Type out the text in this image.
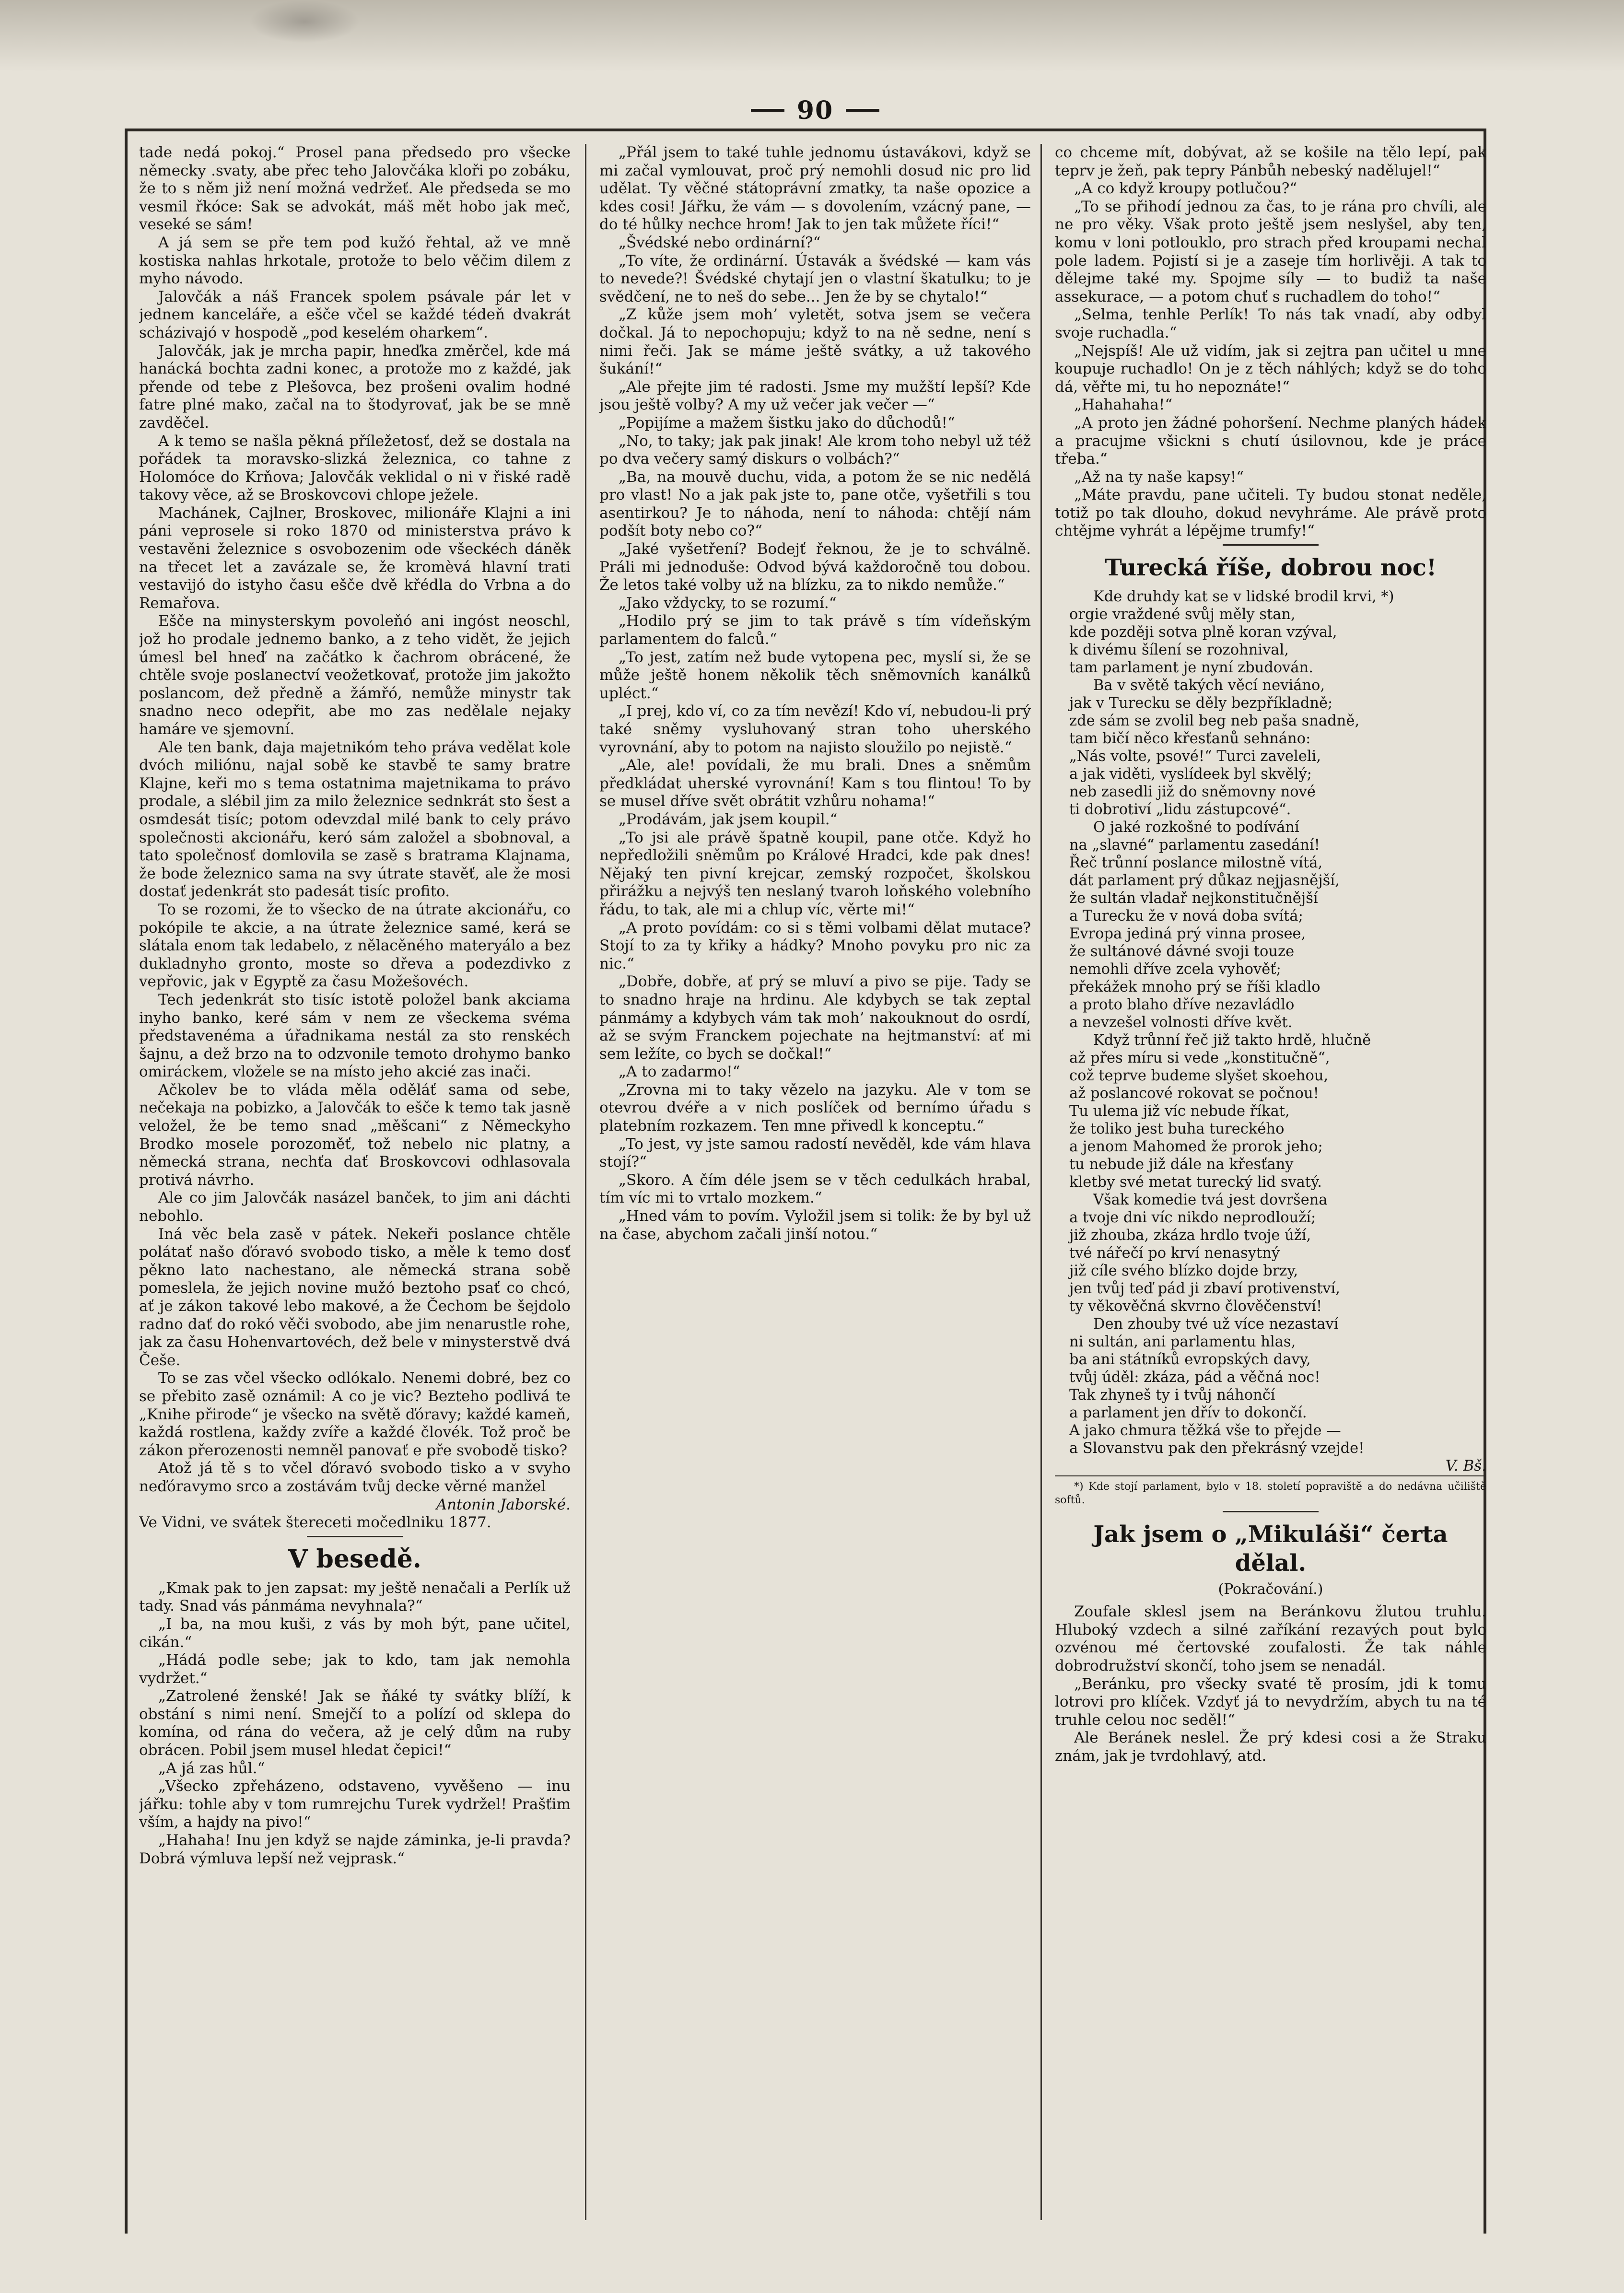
90

tade nedá pokoj.“ Prosel pana předsedo pro všecke německy .svaty, abe přec teho Jalovčáka kloři po zobáku, že to s něm již není možná vedržeť. Ale předseda se mo vesmil řkóce: Sak se advokát, máš mět hobo jak meč, veseké se sám!

A já sem se pře tem pod kužó řehtal, až ve mně kostiska nahlas hrkotale, protože to belo věčim dilem z myho návodo.

Jalovčák a náš Francek spolem psávale pár let v jednem kanceláře, a ešče včel se každé tédeň dvakrát scházivajó v hospodě „pod keselém oharkem“.

Jalovčák, jak je mrcha papir, hneďka změrčel, kde má hanácká bochta zadni konec, a protože mo z každé, jak přende od tebe z Plešovca, bez prošeni ovalim hodné fatre plné mako, začal na to štodyrovať, jak be se mně zavděčel.

A k temo se našla pěkná příležetosť, dež se dostala na pořádek ta moravsko-slizká železnica, co tahne z Holomóce do Krňova; Jalovčák veklidal o ni v řiské radě takovy věce, až se Broskovcovi chlope ježele.

Machánek, Cajlner, Broskovec, milionáře Klajni a ini páni veprosele si roko 1870 od ministerstva právo k vestavěni železnice s osvobozenim ode všeckéch dáněk na třecet let a zavázale se, že kromèvá hlavní trati vestavijó do istyho času ešče dvě křédla do Vrbna a do Remařova.

Ešče na minysterskym povoleňó ani ingóst neoschl, jož ho prodale jednemo banko, a z teho vidět, že jejich úmesl bel hneď na začátko k čachrom obrácené, že chtěle svoje poslanectví veožetkovať, protože jim jakožto poslancom, dež předně a žámřó, nemůže minystr tak snadno neco odepřit, abe mo zas nedělale nejaky hamáre ve sjemovní.

Ale ten bank, daja majetnikóm teho práva vedělat kole dvóch miliónu, najal sobě ke stavbě te samy bratre Klajne, keři mo s tema ostatnima majetnikama to právo prodale, a slébil jim za milo železnice sednkrát sto šest a osmdesát tisíc; potom odevzdal milé bank to cely právo společnosti akcionářu, keró sám založel a sbobnoval, a tato společnosť domlovila se zasě s bratrama Klajnama, že bode železnico sama na svy útrate stavěť, ale že mosi dostať jedenkrát sto padesát tisíc profito.

To se rozomi, že to všecko de na útrate akcionářu, co pokópile te akcie, a na útrate železnice samé, kerá se slátala enom tak ledabelo, z nělacěného materyálo a bez dukladnyho gronto, moste so dřeva a podezdivko z vepřovic, jak v Egyptě za času Možešovéch.

Tech jedenkrát sto tisíc istotě položel bank akciama inyho banko, keré sám v nem ze všeckema svéma představenéma a úřadnikama nestál za sto renskéch šajnu, a dež brzo na to odzvonile temoto drohymo banko omiráckem, vložele se na místo jeho akcié zas inači.

Ačkolev be to vláda měla oděláť sama od sebe, nečekaja na pobizko, a Jalovčák to ešče k temo tak jasně veložel, že be temo snad „měšcani“ z Německyho Brodko mosele porozoměť, tož nebelo nic platny, a německá strana, nechťa dať Broskovcovi odhlasovala protivá návrho.

Ale co jim Jalovčák nasázel banček, to jim ani dáchti nebohlo.

Iná věc bela zasě v pátek. Nekeři poslance chtěle polátať našo ďóravó svobodo tisko, a měle k temo dosť pěkno lato nachestano, ale německá strana sobě pomeslela, že jejich novine mužó beztoho psať co chcó, ať je zákon takové lebo makové, a že Čechom be šejdolo radno dať do rokó věči svobodo, abe jim nenarustle rohe, jak za času Hohenvartovéch, dež bele v minysterstvě dvá Češe.

To se zas včel všecko odlókalo. Nenemi dobré, bez co se přebito zasě oznámil: A co je vic? Bezteho podlivá te „Knihe přirode“ je všecko na světě ďóravy; každé kameň, každá rostlena, každy zvíře a každé človék. Tož proč be zákon přerozenosti nemněl panovať e pře svobodě tisko?

Atož já tě s to včel ďóravó svobodo tisko a v svyho neďóravymo srco a zostávám tvůj decke věrné manžel

Antonin Jaborské.

Ve Vidni, ve svátek štereceti močedlniku 1877.

V besedě.

„Kmak pak to jen zapsat: my ještě nenačali a Perlík už tady. Snad vás pánmáma nevyhnala?“

„I ba, na mou kuši, z vás by moh být, pane učitel, cikán.“

„Hádá podle sebe; jak to kdo, tam jak nemohla vydržet.“

„Zatrolené ženské! Jak se ňáké ty svátky blíží, k obstání s nimi není. Smejčí to a polízí od sklepa do komína, od rána do večera, až je celý dům na ruby obrácen. Pobil jsem musel hledat čepici!“

„A já zas hůl.“

„Všecko zpřeházeno, odstaveno, vyvěšeno — inu jářku: tohle aby v tom rumrejchu Turek vydržel! Prašťim vším, a hajdy na pivo!“

„Hahaha! Inu jen když se najde záminka, je-li pravda? Dobrá výmluva lepší než vejprask.“

„Přál jsem to také tuhle jednomu ústavákovi, když se mi začal vymlouvat, proč prý nemohli dosud nic pro lid udělat. Ty věčné státoprávní zmatky, ta naše opozice a kdes cosi! Jářku, že vám — s dovolením, vzácný pane, — do té hůlky nechce hrom! Jak to jen tak můžete říci!“

„Švédské nebo ordinární?“

„To víte, že ordinární. Ústavák a švédské — kam vás to nevede?! Švédské chytají jen o vlastní škatulku; to je svědčení, ne to neš do sebe... Jen že by se chytalo!“

„Z kůže jsem moh’ vyletět, sotva jsem se večera dočkal. Já to nepochopuju; když to na ně sedne, není s nimi řeči. Jak se máme ještě svátky, a už takového šukání!“

„Ale přejte jim té radosti. Jsme my mužští lepší? Kde jsou ještě volby? A my už večer jak večer —“

„Popijíme a mažem šistku jako do důchodů!“

„No, to taky; jak pak jinak! Ale krom toho nebyl už též po dva večery samý diskurs o volbách?“

„Ba, na mouvě duchu, vida, a potom že se nic nedělá pro vlast! No a jak pak jste to, pane otče, vyšetřili s tou asentirkou? Je to náhoda, není to náhoda: chtějí nám podšít boty nebo co?“

„Jaké vyšetření? Bodejť řeknou, že je to schválně. Práli mi jednoduše: Odvod bývá každoročně tou dobou. Že letos také volby už na blízku, za to nikdo nemůže.“

„Jako vždycky, to se rozumí.“

„Hodilo prý se jim to tak právě s tím vídeňským parlamentem do falců.“

„To jest, zatím než bude vytopena pec, myslí si, že se může ještě honem několik těch sněmovních kanálků upléct.“

„I prej, kdo ví, co za tím nevězí! Kdo ví, nebudou-li prý také sněmy vysluhovaný stran toho uherského vyrovnání, aby to potom na najisto sloužilo po nejistě.“

„Ale, ale! povídali, že mu brali. Dnes a sněmům předkládat uherské vyrovnání! Kam s tou flintou! To by se musel dříve svět obrátit vzhůru nohama!“

„Prodávám, jak jsem koupil.“

„To jsi ale právě špatně koupil, pane otče. Když ho nepředložili sněmům po Králové Hradci, kde pak dnes! Nějaký ten pivní krejcar, zemský rozpočet, školskou přirážku a nejvýš ten neslaný tvaroh loňského volebního řádu, to tak, ale mi a chlup víc, věrte mi!“

„A proto povídám: co si s těmi volbami dělat mutace? Stojí to za ty křiky a hádky? Mnoho povyku pro nic za nic.“

„Dobře, dobře, ať prý se mluví a pivo se pije. Tady se to snadno hraje na hrdinu. Ale kdybych se tak zeptal pánmámy a kdybych vám tak moh’ nakouknout do osrdí, až se svým Franckem pojechate na hejtmanství: ať mi sem ležíte, co bych se dočkal!“

„A to zadarmo!“

„Zrovna mi to taky vězelo na jazyku. Ale v tom se otevrou dvéře a v nich poslíček od bernímo úřadu s platebním rozkazem. Ten mne přivedl k konceptu.“

„To jest, vy jste samou radostí nevěděl, kde vám hlava stojí?“

„Skoro. A čím déle jsem se v těch cedulkách hrabal, tím víc mi to vrtalo mozkem.“

„Hned vám to povím. Vyložil jsem si tolik: že by byl už na čase, abychom začali jinší notou.“

co chceme mít, dobývat, až se košile na tělo lepí, pak teprv je žeň, pak tepry Pánbůh nebeský nadělujel!“

„A co když kroupy potlučou?“

„To se přihodí jednou za čas, to je rána pro chvíli, ale ne pro věky. Však proto ještě jsem neslyšel, aby ten, komu v loni potlouklo, pro strach před kroupami nechal pole ladem. Pojistí si je a zaseje tím horlivěji. A tak to dělejme také my. Spojme síly — to budiž ta naše assekurace, — a potom chuť s ruchadlem do toho!“

„Selma, tenhle Perlík! To nás tak vnadí, aby odbyl svoje ruchadla.“

„Nejspíš! Ale už vidím, jak si zejtra pan učitel u mne koupuje ruchadlo! On je z těch náhlých; když se do toho dá, věřte mi, tu ho nepoznáte!“

„Hahahaha!“

„A proto jen žádné pohoršení. Nechme planých hádek a pracujme všickni s chutí úsilovnou, kde je práce třeba.“

„Až na ty naše kapsy!“

„Máte pravdu, pane učiteli. Ty budou stonat neděle, totiž po tak dlouho, dokud nevyhráme. Ale právě proto chtějme vyhrát a lépějme trumfy!“

Turecká říše, dobrou noc!
Kde druhdy kat se v lidské brodil krvi, *)
orgie vraždené svůj měly stan,
kde později sotva plně koran vzýval,
k divému šílení se rozohnival,
tam parlament je nyní zbudován.
Ba v světě takých věcí neviáno,
jak v Turecku se děly bezpříkladně;
zde sám se zvolil beg neb paša snadně,
tam bičí něco křesťanů sehnáno:
„Nás volte, psové!“ Turci zaveleli,
a jak viděti, vyslídeek byl skvělý;
neb zasedli již do sněmovny nové
ti dobrotiví „lidu zástupcové“.
O jaké rozkošné to podívání
na „slavné“ parlamentu zasedání!
Řeč trůnní poslance milostně vítá,
dát parlament prý důkaz nejjasnější,
že sultán vladař nejkonstitučnější
a Turecku že v nová doba svítá;
Evropa jediná prý vinna prosee,
že sultánové dávné svoji touze
nemohli dříve zcela vyhověť;
překážek mnoho prý se říši kladlo
a proto blaho dříve nezavládlo
a nevzešel volnosti dříve květ.
Když trůnní řeč již takto hrdě, hlučně
až přes míru si vede „konstitučně“,
což teprve budeme slyšet skoehou,
až poslancové rokovat se počnou!
Tu ulema již víc nebude říkat,
že toliko jest buha tureckého
a jenom Mahomed že prorok jeho;
tu nebude již dále na křesťany
kletby své metat turecký lid svatý.
Však komedie tvá jest dovršena
a tvoje dni víc nikdo neprodlouží;
již zhouba, zkáza hrdlo tvoje úží,
tvé nářečí po krví nenasytný
již cíle svého blízko dojde brzy,
jen tvůj teď pád ji zbaví protivenství,
ty věkověčná skvrno člověčenství!
Den zhouby tvé už více nezastaví
ni sultán, ani parlamentu hlas,
ba ani státníků evropských davy,
tvůj úděl: zkáza, pád a věčná noc!
Tak zhyneš ty i tvůj náhončí
a parlament jen dřív to dokončí.
A jako chmura těžká vše to přejde —
a Slovanstvu pak den překrásný vzejde!

V. Bš.

*) Kde stojí parlament, bylo v 18. století popraviště a do nedávna učiliště softů.

Jak jsem o „Mikuláši“ čerta dělal.
(Pokračování.)

Zoufale sklesl jsem na Beránkovu žlutou truhlu. Hluboký vzdech a silné zaříkání rezavých pout bylo ozvénou mé čertovské zoufalosti. Že tak náhle dobrodružství skončí, toho jsem se nenadál.

„Beránku, pro všecky svaté tě prosím, jdi k tomu lotrovi pro klíček. Vzdyť já to nevydržím, abych tu na té truhle celou noc seděl!“

Ale Beránek neslel. Že prý kdesi cosi a že Straku znám, jak je tvrdohlavý, atd.
